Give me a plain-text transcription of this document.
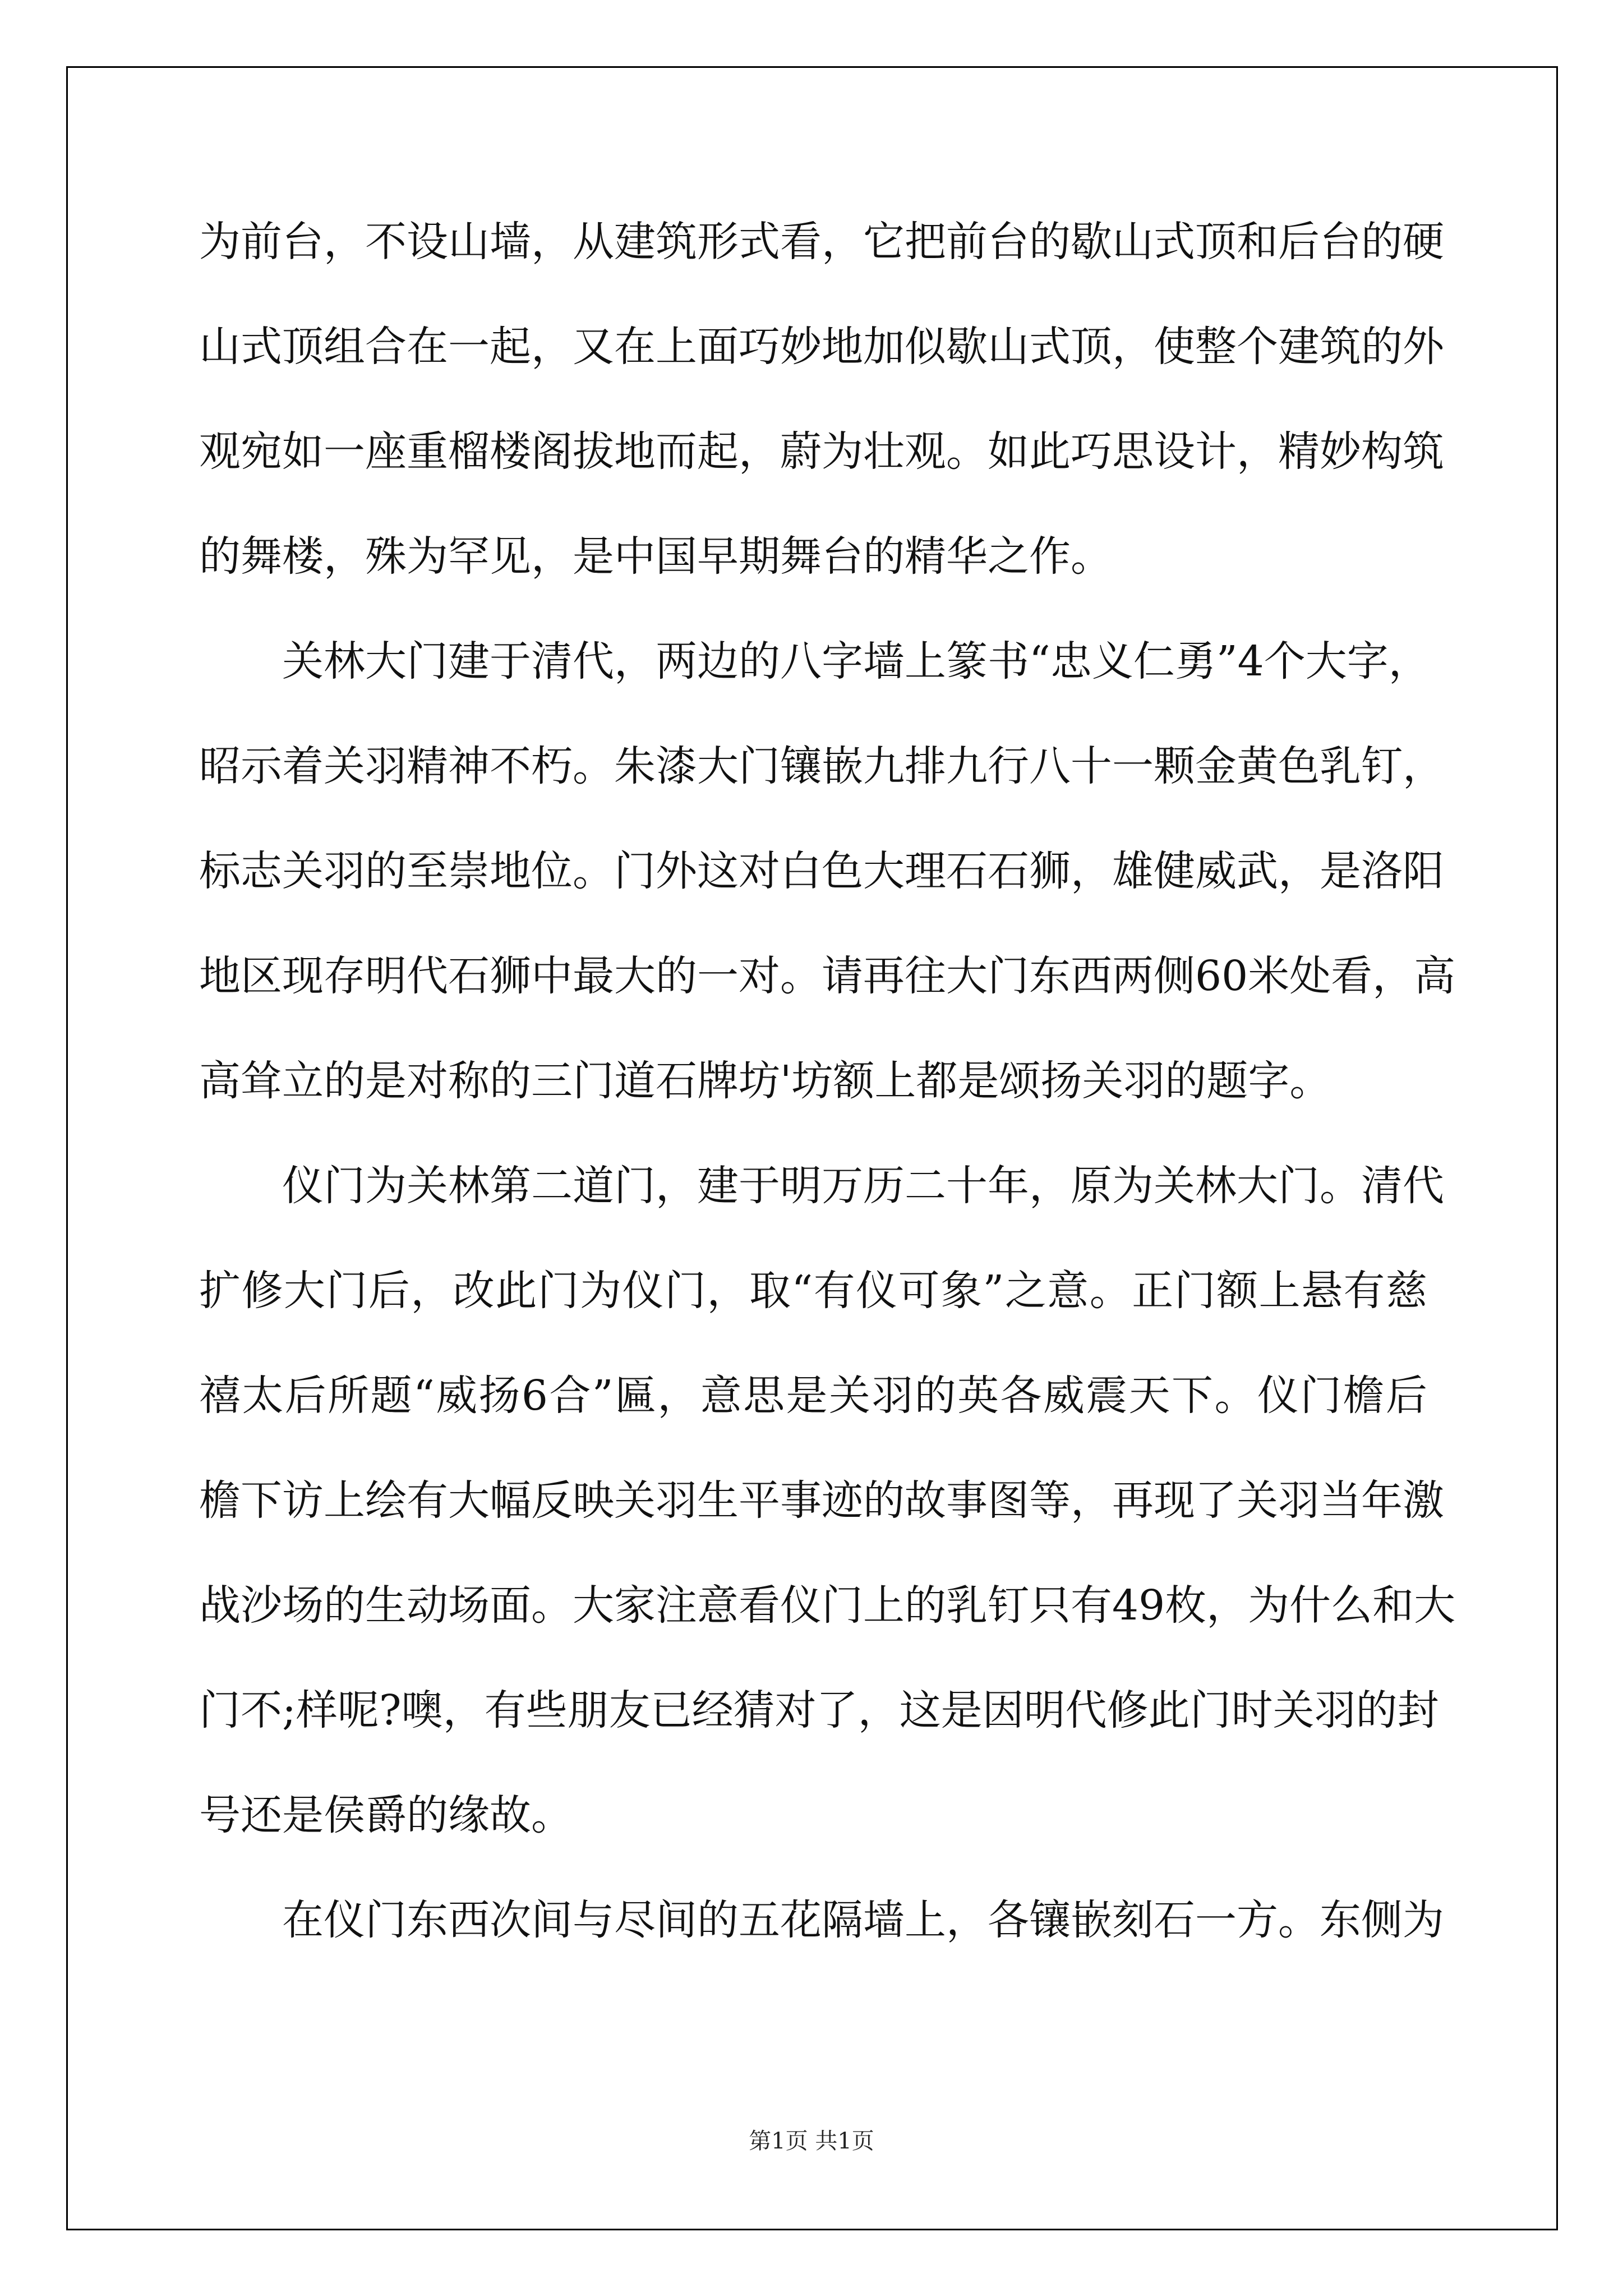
为前台，不设山墙，从建筑形式看，它把前台的歇山式顶和后台的硬
山式顶组合在一起，又在上面巧妙地加似歇山式顶，使整个建筑的外
观宛如一座重榴楼阁拔地而起，蔚为壮观。如此巧思设计，精妙构筑
的舞楼，殊为罕见，是中国早期舞台的精华之作。
关林大门建于清代，两边的八字墙上篆书“忠义仁勇”4个大字，
昭示着关羽精神不朽。朱漆大门镶嵌九排九行八十一颗金黄色乳钉，
标志关羽的至崇地位。门外这对白色大理石石狮，雄健威武，是洛阳
地区现存明代石狮中最大的一对。请再往大门东西两侧60米处看，高
高耸立的是对称的三门道石牌坊'坊额上都是颂扬关羽的题字。
仪门为关林第二道门，建于明万历二十年，原为关林大门。清代
扩修大门后，改此门为仪门，取“有仪可象”之意。正门额上悬有慈
禧太后所题“威扬6合”匾，意思是关羽的英各威震天下。仪门檐后
檐下访上绘有大幅反映关羽生平事迹的故事图等，再现了关羽当年激
战沙场的生动场面。大家注意看仪门上的乳钉只有49枚，为什么和大
门不;样呢?噢，有些朋友已经猜对了，这是因明代修此门时关羽的封
号还是侯爵的缘故。
在仪门东西次间与尽间的五花隔墙上，各镶嵌刻石一方。东侧为
第1页 共1页
